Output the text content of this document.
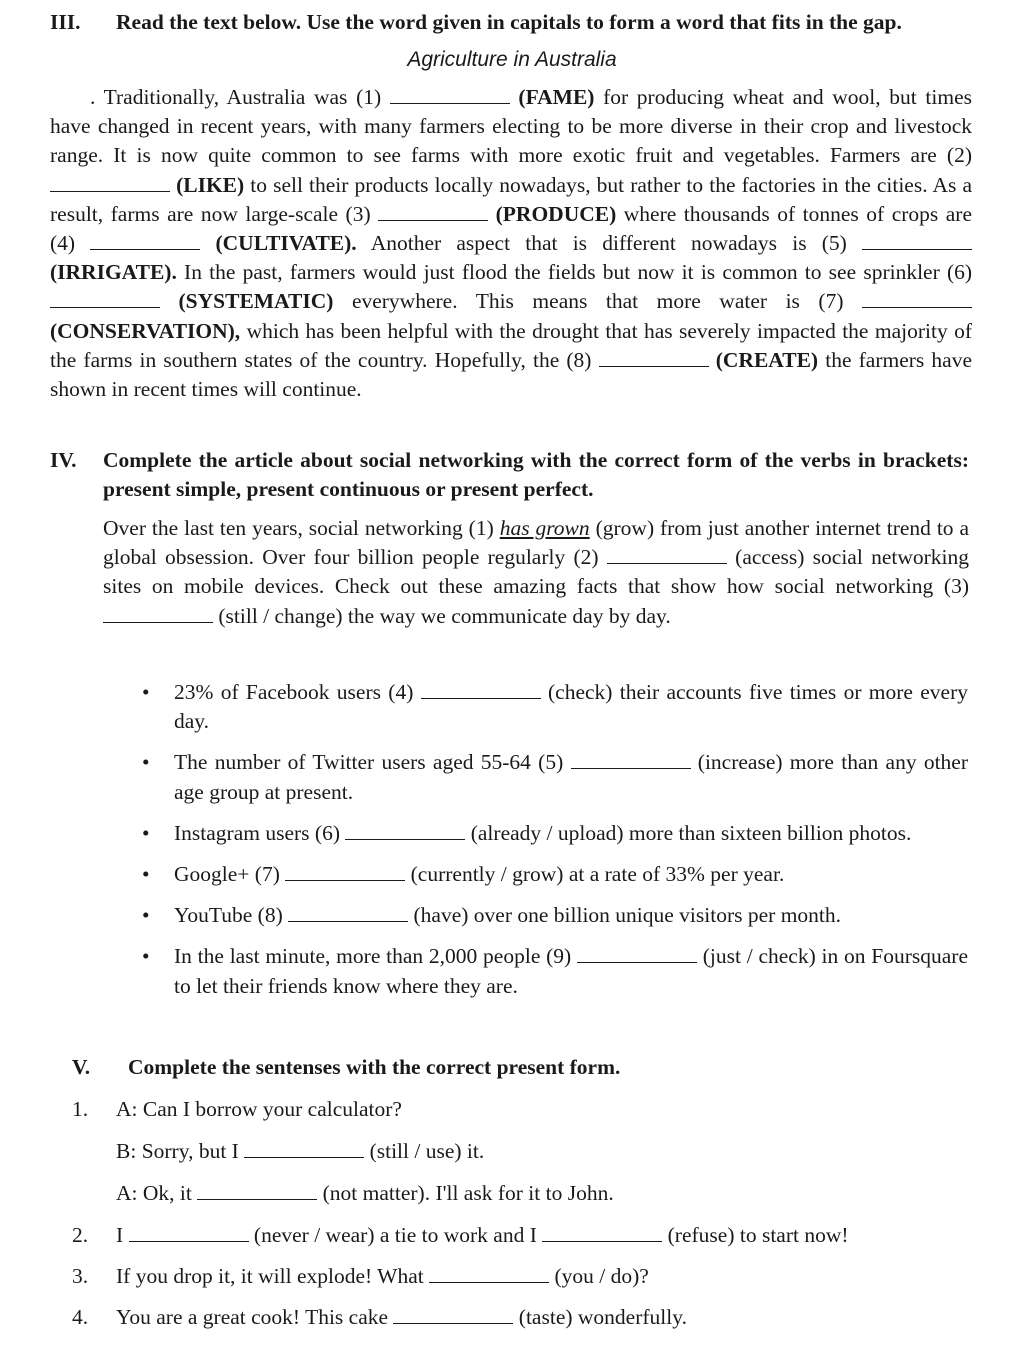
III. Read the text below. Use the word given in capitals to form a word that fits in the gap.
Agriculture in Australia
. Traditionally, Australia was (1)	(FAME) for producing wheat and wool, but times have changed in recent years, with many farmers electing to be more diverse in their crop and livestock range. It is now quite common to see farms with more exotic fruit and vegetables. Farmers are (2)  (LIKE) to sell their products locally nowadays, but rather to the factories in the cities. As a result, farms are now large-scale (3)	(PRODUCE) where thousands of tonnes of crops are (4)	(CULTIVATE). Another aspect that is different nowadays is (5)  (IRRIGATE). In the past, farmers would just flood the fields but now it is common to see sprinkler (6)  (SYSTEMATIC) everywhere. This means that more water is (7)  (CONSERVATION), which has been helpful with the drought that has severely impacted the majority of the farms in southern states of the country. Hopefully, the (8)	(CREATE) the farmers have shown in recent times will continue.
IV. Complete the article about social networking with the correct form of the verbs in brackets: present simple, present continuous or present perfect.
Over the last ten years, social networking (1) has grown (grow) from just another internet trend to a global obsession. Over four billion people regularly (2)	(access) social networking sites on mobile devices. Check out these amazing facts that show how social networking (3)  (still / change) the way we communicate day by day.
• 23% of Facebook users (4)	(check) their accounts five times or more every day.
• The number of Twitter users aged 55-64 (5)	(increase) more than any other age group at present.
• Instagram users (6)	(already / upload) more than sixteen billion photos.
• Google+ (7)	(currently / grow) at a rate of 33% per year.
• YouTube (8)	(have) over one billion unique visitors per month.
• In the last minute, more than 2,000 people (9)	(just / check) in on Foursquare to let their friends know where they are.
V. Complete the sentenses with the correct present form.
1. A: Can I borrow your calculator?
B: Sorry, but I	(still / use) it.
A: Ok, it	(not matter). I'll ask for it to John.
2. I	(never / wear) a tie to work and I	(refuse) to start now!
3. If you drop it, it will explode! What	(you / do)?
4. You are a great cook! This cake	(taste) wonderfully.
